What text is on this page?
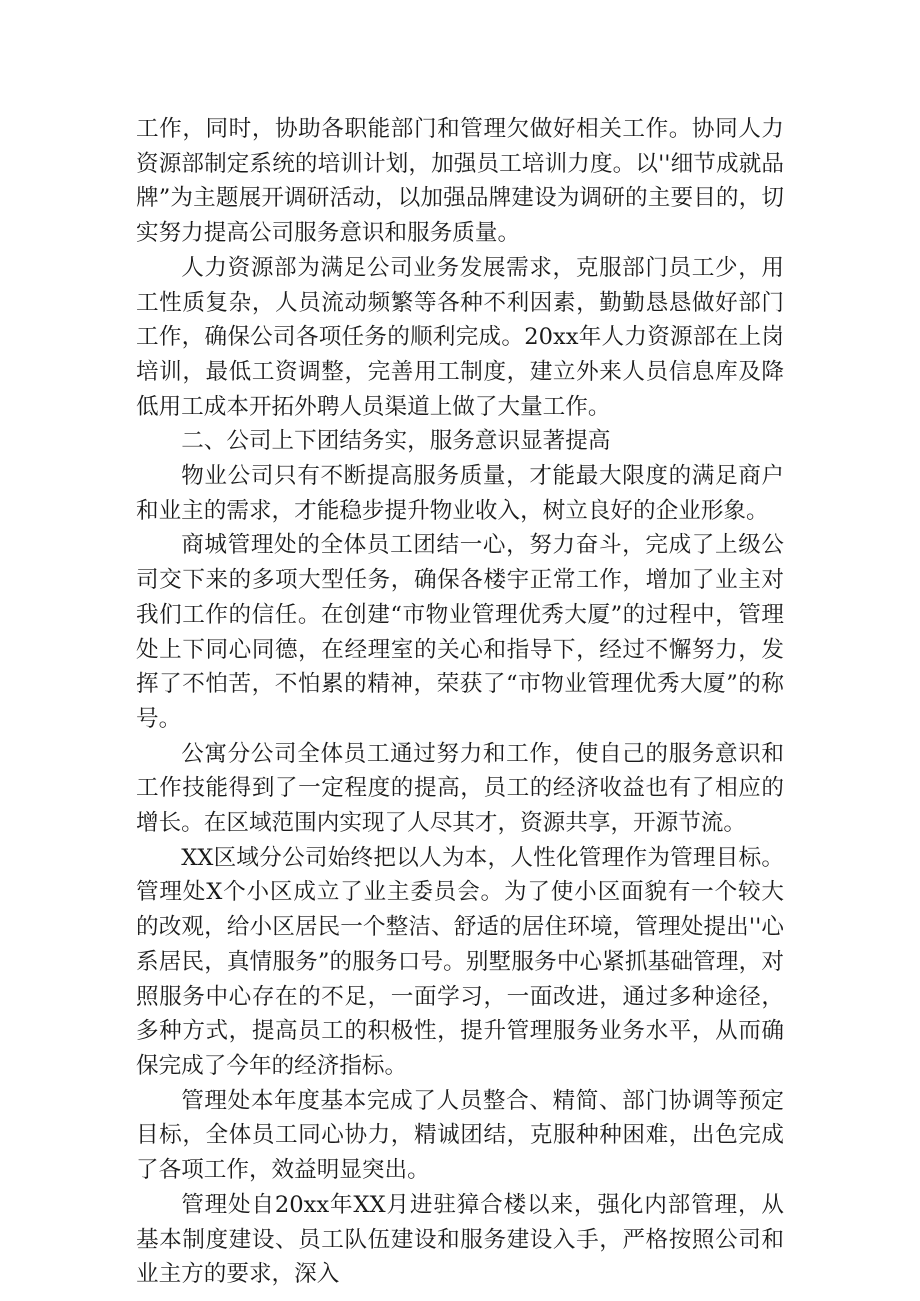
工作，同时，协助各职能部门和管理欠做好相关工作。协同人力资源部制定系统的培训计划，加强员工培训力度。以''细节成就品牌”为主题展开调研活动，以加强品牌建设为调研的主要目的，切实努力提高公司服务意识和服务质量。

人力资源部为满足公司业务发展需求，克服部门员工少，用工性质复杂，人员流动频繁等各种不利因素，勤勤恳恳做好部门工作，确保公司各项任务的顺利完成。20xx年人力资源部在上岗培训，最低工资调整，完善用工制度，建立外来人员信息库及降低用工成本开拓外聘人员渠道上做了大量工作。

二、公司上下团结务实，服务意识显著提高

物业公司只有不断提高服务质量，才能最大限度的满足商户和业主的需求，才能稳步提升物业收入，树立良好的企业形象。

商城管理处的全体员工团结一心，努力奋斗，完成了上级公司交下来的多项大型任务，确保各楼宇正常工作，增加了业主对我们工作的信任。在创建“市物业管理优秀大厦”的过程中，管理处上下同心同德，在经理室的关心和指导下，经过不懈努力，发挥了不怕苦，不怕累的精神，荣获了“市物业管理优秀大厦”的称号。

公寓分公司全体员工通过努力和工作，使自己的服务意识和工作技能得到了一定程度的提高，员工的经济收益也有了相应的增长。在区域范围内实现了人尽其才，资源共享，开源节流。

XX区域分公司始终把以人为本，人性化管理作为管理目标。管理处X个小区成立了业主委员会。为了使小区面貌有一个较大的改观，给小区居民一个整洁、舒适的居住环境，管理处提出''心系居民，真情服务”的服务口号。别墅服务中心紧抓基础管理，对照服务中心存在的不足，一面学习，一面改进，通过多种途径，多种方式，提高员工的积极性，提升管理服务业务水平，从而确保完成了今年的经济指标。

管理处本年度基本完成了人员整合、精简、部门协调等预定目标，全体员工同心协力，精诚团结，克服种种困难，出色完成了各项工作，效益明显突出。

管理处自20xx年XX月进驻獐合楼以来，强化内部管理，从基本制度建设、员工队伍建设和服务建设入手，严格按照公司和业主方的要求，深入
